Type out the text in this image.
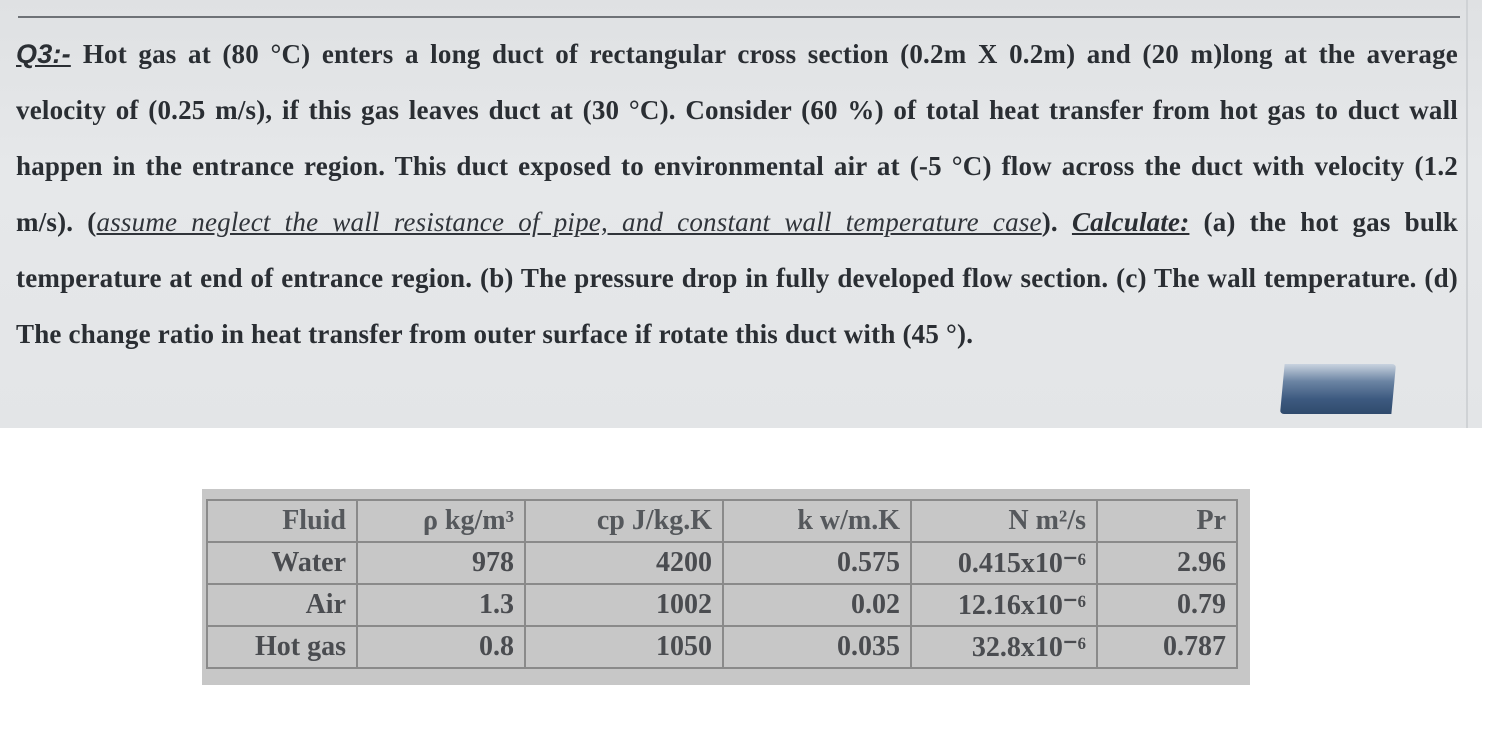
Q3:- Hot gas at (80 °C) enters a long duct of rectangular cross section (0.2m X 0.2m) and (20 m)long at the average velocity of (0.25 m/s), if this gas leaves duct at (30 °C). Consider (60 %) of total heat transfer from hot gas to duct wall happen in the entrance region. This duct exposed to environmental air at (-5 °C) flow across the duct with velocity (1.2 m/s). (assume neglect the wall resistance of pipe, and constant wall temperature case). Calculate: (a) the hot gas bulk temperature at end of entrance region. (b) The pressure drop in fully developed flow section. (c) The wall temperature. (d) The change ratio in heat transfer from outer surface if rotate this duct with (45 °).
Fluid	ρ kg/m³	cp J/kg.K	k w/m.K	N m²/s	Pr
Water	978	4200	0.575	0.415x10⁻⁶	2.96
Air	1.3	1002	0.02	12.16x10⁻⁶	0.79
Hot gas	0.8	1050	0.035	32.8x10⁻⁶	0.787
